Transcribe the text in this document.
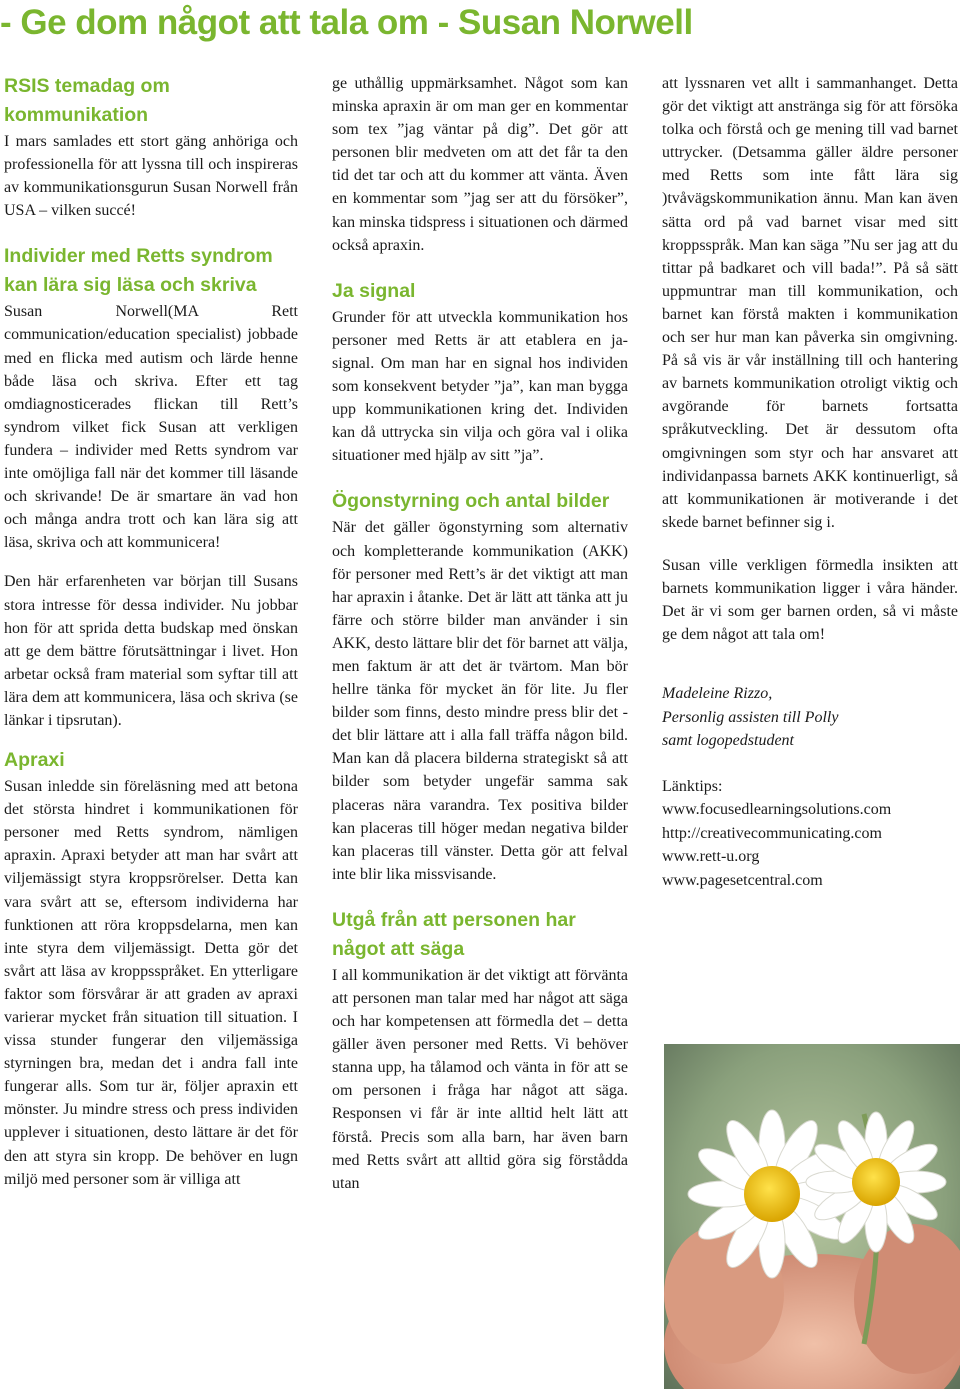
- Ge dom något att tala om - Susan Norwell
RSIS temadag om kommunikation

I mars samlades ett stort gäng anhöriga och professionella för att lyssna till och inspireras av kommunikationsgurun Susan Norwell från USA – vilken succé!

Individer med Retts syndrom kan lära sig läsa och skriva

Susan Norwell(MA Rett communication/education specialist) jobbade med en flicka med autism och lärde henne både läsa och skriva. Efter ett tag omdiagnosticerades flickan till Rett’s syndrom vilket fick Susan att verkligen fundera – individer med Retts syndrom var inte omöjliga fall när det kommer till läsande och skrivande! De är smartare än vad hon och många andra trott och kan lära sig att läsa, skriva och att kommunicera!

Den här erfarenheten var början till Susans stora intresse för dessa individer. Nu jobbar hon för att sprida detta budskap med önskan att ge dem bättre förutsättningar i livet. Hon arbetar också fram material som syftar till att lära dem att kommunicera, läsa och skriva (se länkar i tipsrutan).

Apraxi

Susan inledde sin föreläsning med att betona det största hindret i kommunikationen för personer med Retts syndrom, nämligen apraxin. Apraxi betyder att man har svårt att viljemässigt styra kroppsrörelser. Detta kan vara svårt att se, eftersom individerna har funktionen att röra kroppsdelarna, men kan inte styra dem viljemässigt. Detta gör det svårt att läsa av kroppsspråket. En ytterligare faktor som försvårar är att graden av apraxi varierar mycket från situation till situation. I vissa stunder fungerar den viljemässiga styrningen bra, medan det i andra fall inte fungerar alls. Som tur är, följer apraxin ett mönster. Ju mindre stress och press individen upplever i situationen, desto lättare är det för den att styra sin kropp. De behöver en lugn miljö med personer som är villiga att

ge uthållig uppmärksamhet. Något som kan minska apraxin är om man ger en kommentar som tex ”jag väntar på dig”. Det gör att personen blir medveten om att det får ta den tid det tar och att du kommer att vänta. Även en kommentar som ”jag ser att du försöker”, kan minska tidspress i situationen och därmed också apraxin.

Ja signal

Grunder för att utveckla kommunikation hos personer med Retts är att etablera en ja-signal. Om man har en signal hos individen som konsekvent betyder ”ja”, kan man bygga upp kommunikationen kring det. Individen kan då uttrycka sin vilja och göra val i olika situationer med hjälp av sitt ”ja”.

Ögonstyrning och antal bilder

När det gäller ögonstyrning som alternativ och kompletterande kommunikation (AKK) för personer med Rett’s är det viktigt att man har apraxin i åtanke. Det är lätt att tänka att ju färre och större bilder man använder i sin AKK, desto lättare blir det för barnet att välja, men faktum är att det är tvärtom. Man bör hellre tänka för mycket än för lite. Ju fler bilder som finns, desto mindre press blir det - det blir lättare att i alla fall träffa någon bild. Man kan då placera bilderna strategiskt så att bilder som betyder ungefär samma sak placeras nära varandra. Tex positiva bilder kan placeras till höger medan negativa bilder kan placeras till vänster. Detta gör att felval inte blir lika missvisande.

Utgå från att personen har något att säga

I all kommunikation är det viktigt att förvänta att personen man talar med har något att säga och har kompetensen att förmedla det – detta gäller även personer med Retts. Vi behöver stanna upp, ha tålamod och vänta in för att se om personen i fråga har något att säga. Responsen vi får är inte alltid helt lätt att förstå. Precis som alla barn, har även barn med Retts svårt att alltid göra sig förstådda utan

att lyssnaren vet allt i sammanhanget. Detta gör det viktigt att anstränga sig för att försöka tolka och förstå och ge mening till vad barnet uttrycker. (Detsamma gäller äldre personer med Retts som inte fått lära sig )tvåvägskommunikation ännu. Man kan även sätta ord på vad barnet visar med sitt kroppsspråk. Man kan säga ”Nu ser jag att du tittar på badkaret och vill bada!”. På så sätt uppmuntrar man till kommunikation, och barnet kan förstå makten i kommunikation och ser hur man kan påverka sin omgivning. På så vis är vår inställning till och hantering av barnets kommunikation otroligt viktig och avgörande för barnets fortsatta språkutveckling. Det är dessutom ofta omgivningen som styr och har ansvaret att individanpassa barnets AKK kontinuerligt, så att kommunikationen är motiverande i det skede barnet befinner sig i.

Susan ville verkligen förmedla insikten att barnets kommunikation ligger i våra händer. Det är vi som ger barnen orden, så vi måste ge dem något att tala om!

Madeleine Rizzo,

Personlig assisten till Polly

samt logopedstudent

Länktips:

www.focusedlearningsolutions.com
http://creativecommunicating.com
www.rett-u.org
www.pagesetcentral.com
